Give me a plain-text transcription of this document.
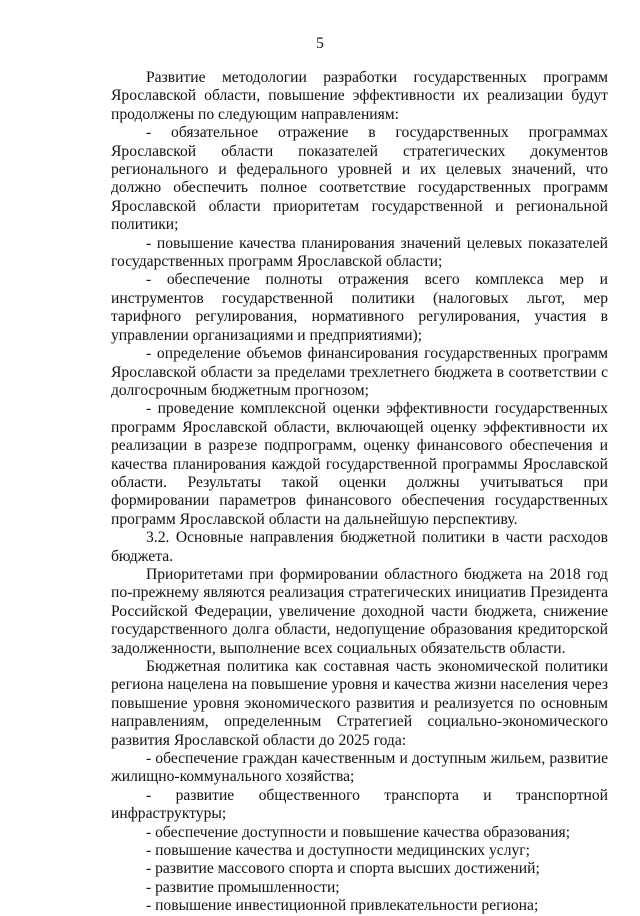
5

Развитие методологии разработки государственных программ Ярославской области, повышение эффективности их реализации будут продолжены по следующим направлениям:

- обязательное отражение в государственных программах Ярославской области показателей стратегических документов регионального и федерального уровней и их целевых значений, что должно обеспечить полное соответствие государственных программ Ярославской области приоритетам государственной и региональной политики;

- повышение качества планирования значений целевых показателей государственных программ Ярославской области;

- обеспечение полноты отражения всего комплекса мер и инструментов государственной политики (налоговых льгот, мер тарифного регулирования, нормативного регулирования, участия в управлении организациями и предприятиями);

- определение объемов финансирования государственных программ Ярославской области за пределами трехлетнего бюджета в соответствии с долгосрочным бюджетным прогнозом;

- проведение комплексной оценки эффективности государственных программ Ярославской области, включающей оценку эффективности их реализации в разрезе подпрограмм, оценку финансового обеспечения и качества планирования каждой государственной программы Ярославской области. Результаты такой оценки должны учитываться при формировании параметров финансового обеспечения государственных программ Ярославской области на дальнейшую перспективу.

3.2. Основные направления бюджетной политики в части расходов бюджета.

Приоритетами при формировании областного бюджета на 2018 год по-прежнему являются реализация стратегических инициатив Президента Российской Федерации, увеличение доходной части бюджета, снижение государственного долга области, недопущение образования кредиторской задолженности, выполнение всех социальных обязательств области.

Бюджетная политика как составная часть экономической политики региона нацелена на повышение уровня и качества жизни населения через повышение уровня экономического развития и реализуется по основным направлениям, определенным Стратегией социально-экономического развития Ярославской области до 2025 года:

- обеспечение граждан качественным и доступным жильем, развитие жилищно-коммунального хозяйства;

- развитие общественного транспорта и транспортной инфраструктуры;

- обеспечение доступности и повышение качества образования;

- повышение качества и доступности медицинских услуг;

- развитие массового спорта и спорта высших достижений;

- развитие промышленности;

- повышение инвестиционной привлекательности региона;
